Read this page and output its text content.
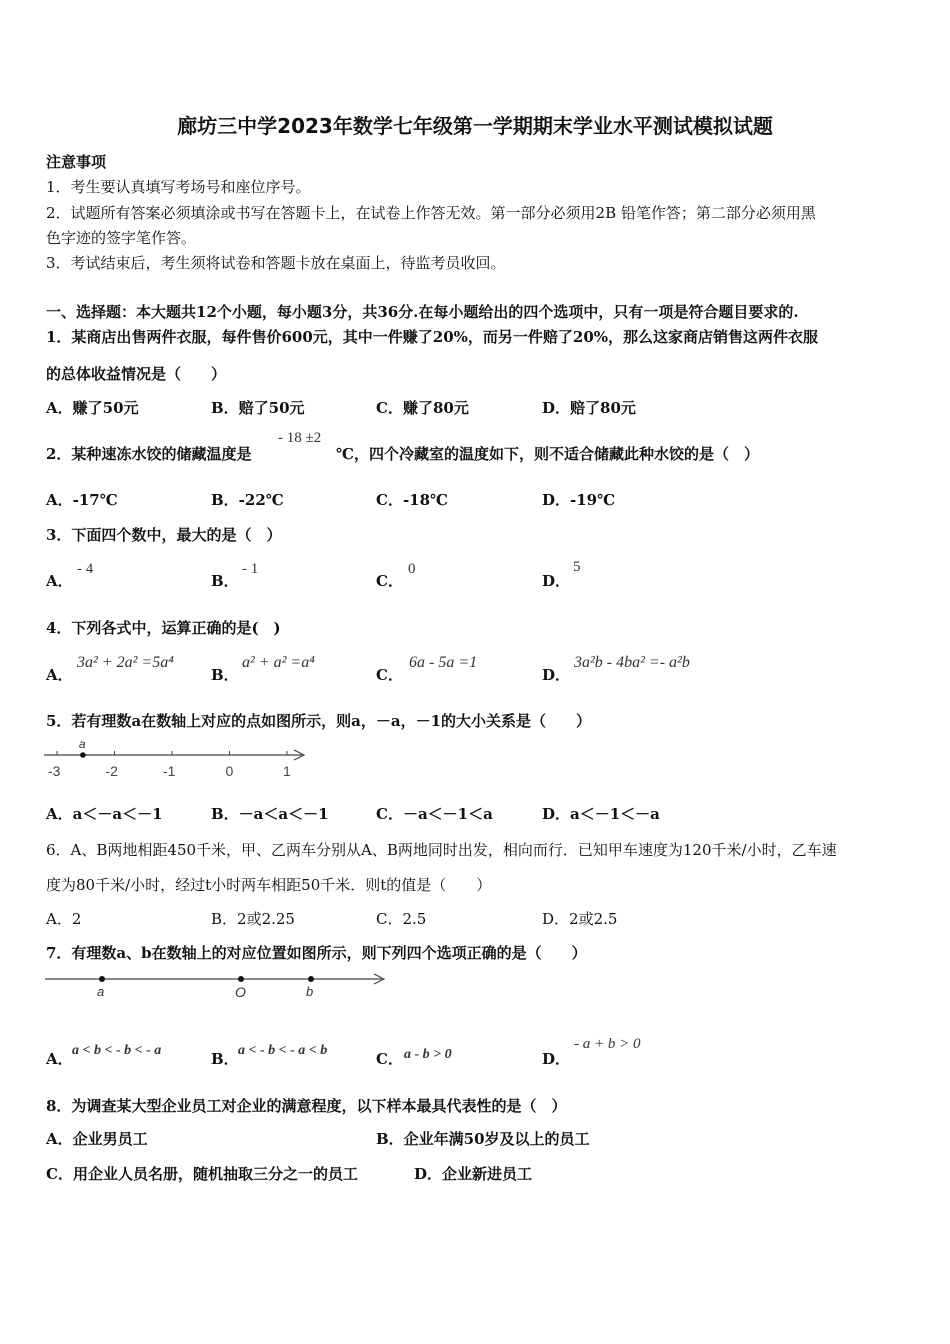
廊坊三中学2023年数学七年级第一学期期末学业水平测试模拟试题
注意事项
1．考生要认真填写考场号和座位序号。
2．试题所有答案必须填涂或书写在答题卡上，在试卷上作答无效。第一部分必须用2B 铅笔作答；第二部分必须用黑
色字迹的签字笔作答。
3．考试结束后，考生须将试卷和答题卡放在桌面上，待监考员收回。
一、选择题：本大题共12个小题，每小题3分，共36分.在每小题给出的四个选项中，只有一项是符合题目要求的.
1．某商店出售两件衣服，每件售价600元，其中一件赚了20%，而另一件赔了20%，那么这家商店销售这两件衣服
的总体收益情况是（　　）
A．赚了50元	B．赔了50元	C．赚了80元	D．赔了80元
2．某种速冻水饺的储藏温度是
- 18 ±2
℃，四个冷藏室的温度如下，则不适合储藏此种水饺的是（　）
A．-17℃	B．-22℃	C．-18℃	D．-19℃
3．下面四个数中，最大的是（　）
A．
- 4
B．
- 1
C．
0
D．
5
4．下列各式中，运算正确的是(　)
A．
3a² + 2a² =5a⁴
B．
a² + a² =a⁴
C．
6a - 5a =1
D．
3a²b - 4ba² =- a²b
5．若有理数a在数轴上对应的点如图所示，则a，－a，－1的大小关系是（　　）
-3	-2	-1	0	1
a
A．a＜－a＜－1	B．－a＜a＜－1	C．－a＜－1＜a	D．a＜－1＜－a
6．A、B两地相距450千米，甲、乙两车分别从A、B两地同时出发，相向而行．已知甲车速度为120千米/小时，乙车速
度为80千米/小时，经过t小时两车相距50千米．则t的值是（　　）
A．2	B．2或2.25	C．2.5	D．2或2.5
7．有理数a、b在数轴上的对应位置如图所示，则下列四个选项正确的是（　　）
a	O	b
A． a < b < - b < - a	B． a < - b < - a < b	C． a - b > 0	D．
- a + b > 0
8．为调查某大型企业员工对企业的满意程度，以下样本最具代表性的是（　）
A．企业男员工	B．企业年满50岁及以上的员工
C．用企业人员名册，随机抽取三分之一的员工	D．企业新进员工
